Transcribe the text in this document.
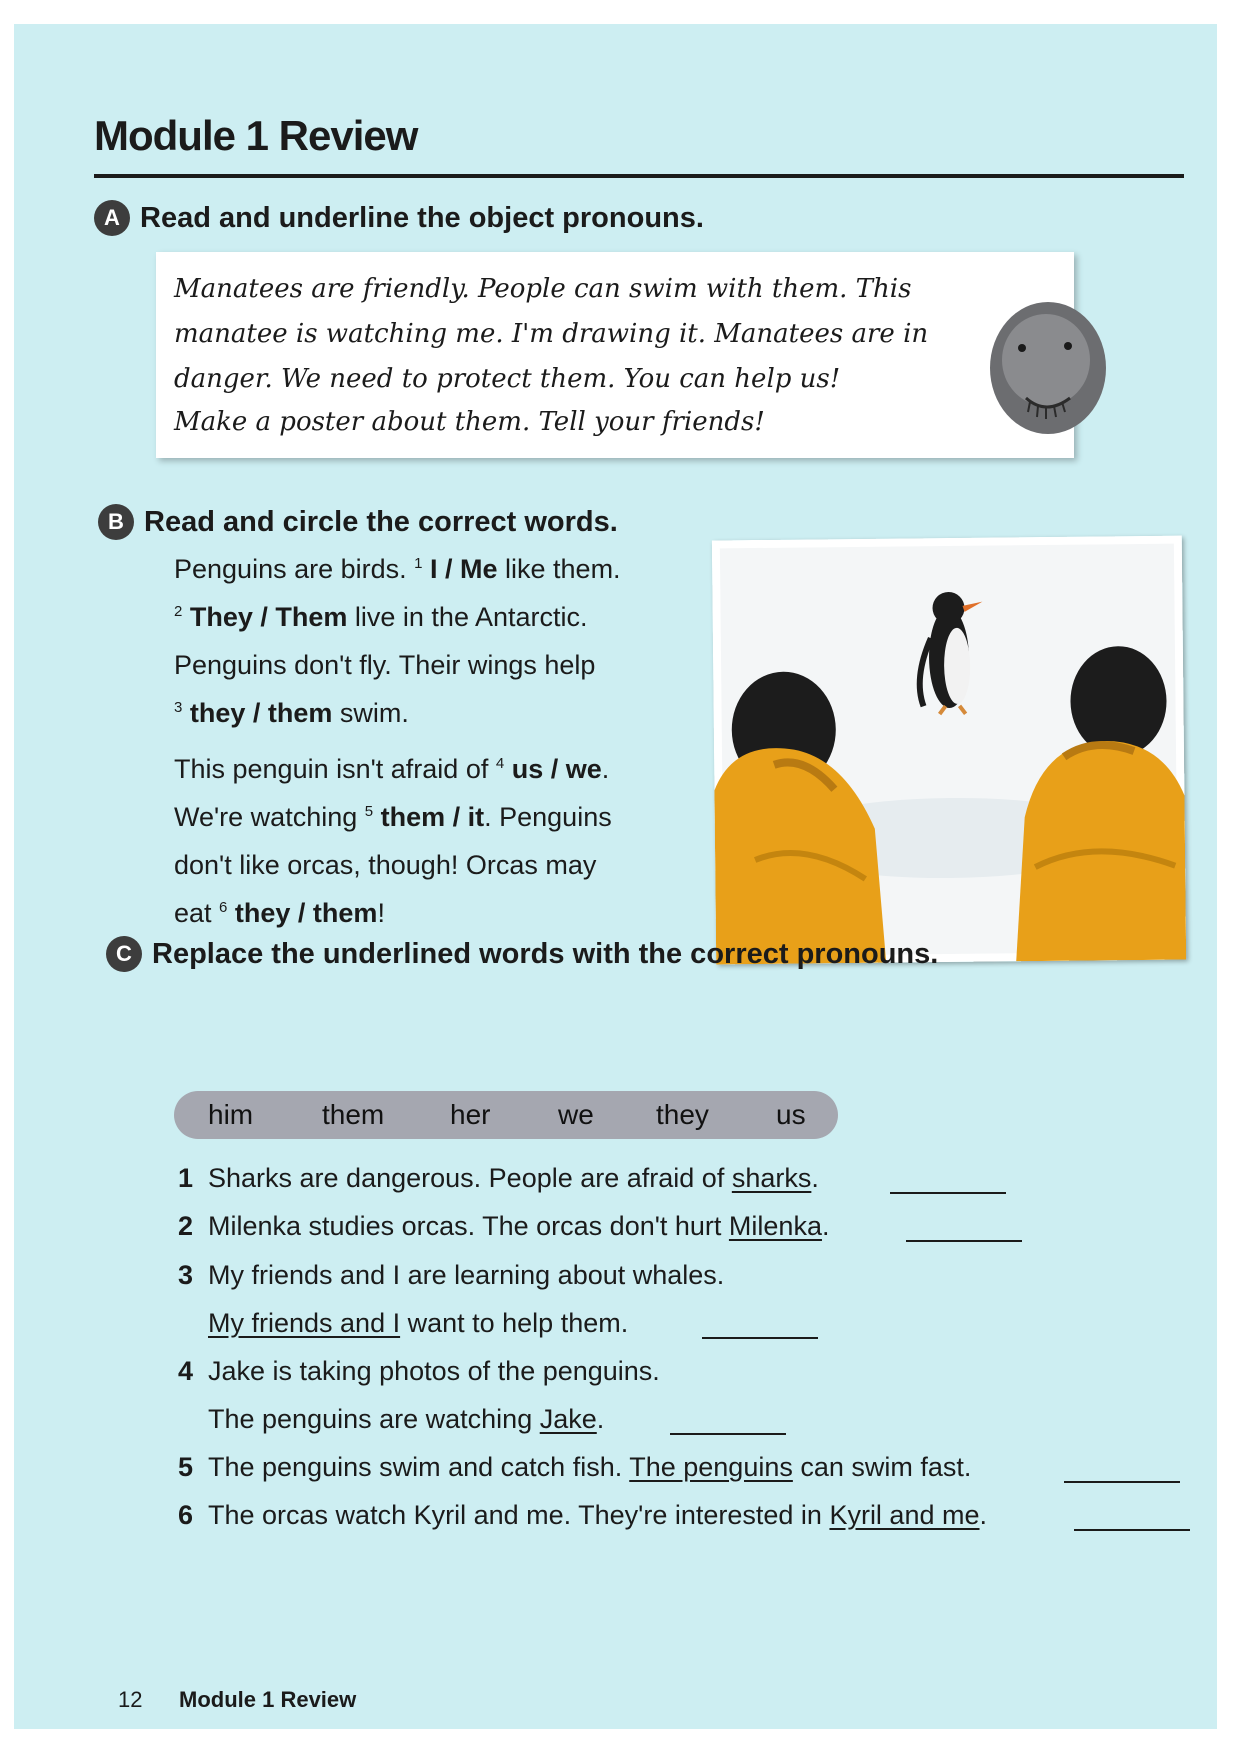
Module 1 Review
A Read and underline the object pronouns.
Manatees are friendly. People can swim with them. This
manatee is watching me. I'm drawing it. Manatees are in
danger. We need to protect them. You can help us!
Make a poster about them. Tell your friends!
B Read and circle the correct words.
Penguins are birds. $^1$ I / Me like them.
$^2$ They / Them live in the Antarctic.
Penguins don't fly. Their wings help
$^3$ they / them swim.
This penguin isn't afraid of $^4$ us / we.
We're watching $^5$ them / it. Penguins
don't like orcas, though! Orcas may
eat $^6$ they / them!
C Replace the underlined words with the correct pronouns.
him them her we they us
1 Sharks are dangerous. People are afraid of sharks.
2 Milenka studies orcas. The orcas don't hurt Milenka.
3 My friends and I are learning about whales.
My friends and I want to help them.
4 Jake is taking photos of the penguins.
The penguins are watching Jake.
5 The penguins swim and catch fish. The penguins can swim fast.
6 The orcas watch Kyril and me. They're interested in Kyril and me.
12 Module 1 Review
